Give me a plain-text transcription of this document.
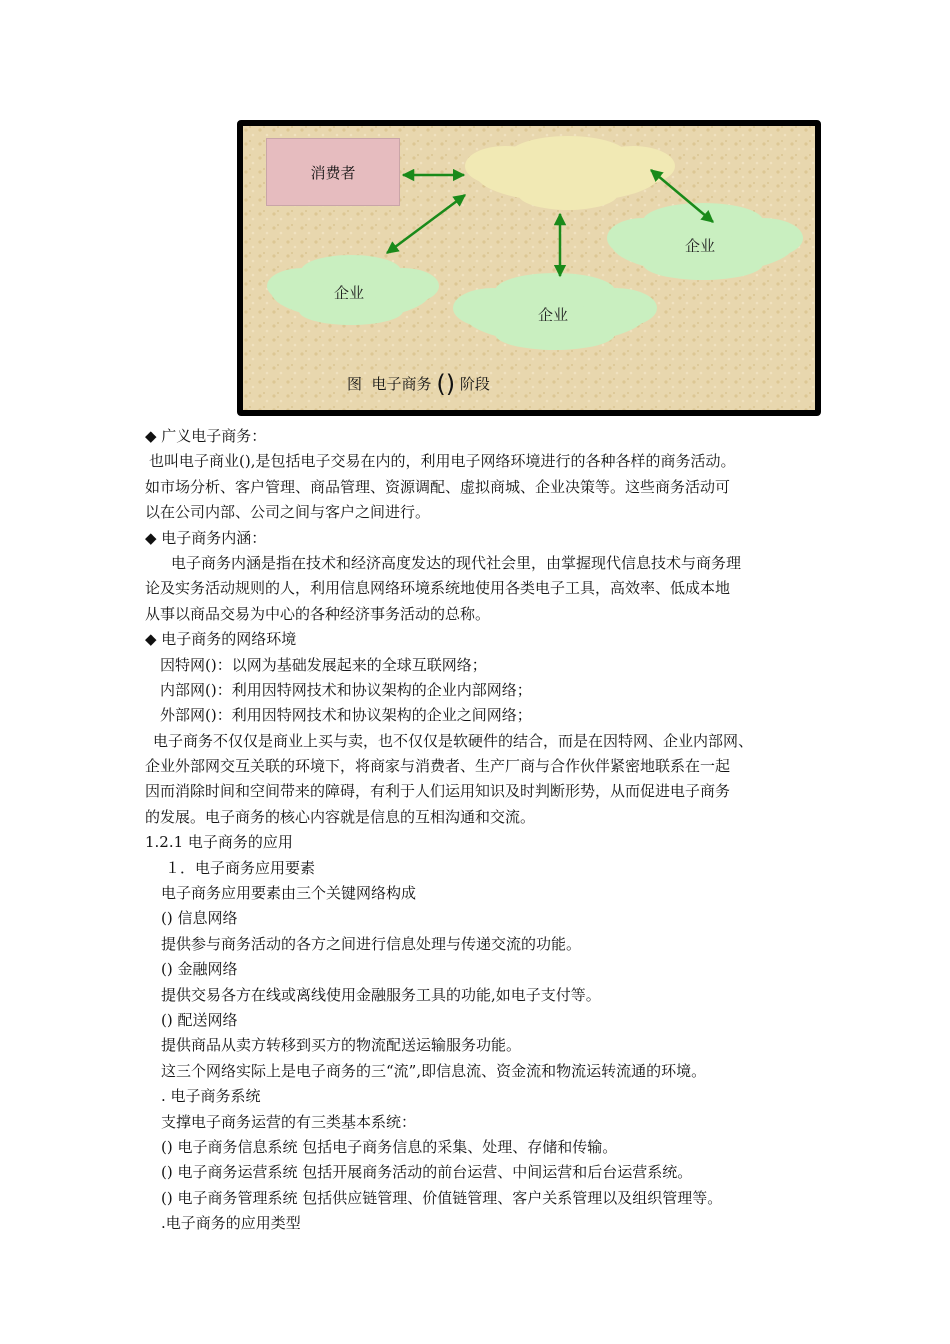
消费者
企业
企业
企业
图  电子商务 () 阶段
◆ 广义电子商务：
也叫电子商业(),是包括电子交易在内的，利用电子网络环境进行的各种各样的商务活动。
如市场分析、客户管理、商品管理、资源调配、虚拟商城、企业决策等。这些商务活动可
以在公司内部、公司之间与客户之间进行。
◆ 电子商务内涵：
电子商务内涵是指在技术和经济高度发达的现代社会里，由掌握现代信息技术与商务理
论及实务活动规则的人，利用信息网络环境系统地使用各类电子工具，高效率、低成本地
从事以商品交易为中心的各种经济事务活动的总称。
◆ 电子商务的网络环境
因特网()：以网为基础发展起来的全球互联网络；
内部网()：利用因特网技术和协议架构的企业内部网络；
外部网()：利用因特网技术和协议架构的企业之间网络；
电子商务不仅仅是商业上买与卖，也不仅仅是软硬件的结合，而是在因特网、企业内部网、
企业外部网交互关联的环境下，将商家与消费者、生产厂商与合作伙伴紧密地联系在一起
因而消除时间和空间带来的障碍，有利于人们运用知识及时判断形势，从而促进电子商务
的发展。电子商务的核心内容就是信息的互相沟通和交流。
1.2.1 电子商务的应用
１．电子商务应用要素
电子商务应用要素由三个关键网络构成
() 信息网络
提供参与商务活动的各方之间进行信息处理与传递交流的功能。
() 金融网络
提供交易各方在线或离线使用金融服务工具的功能,如电子支付等。
() 配送网络
提供商品从卖方转移到买方的物流配送运输服务功能。
这三个网络实际上是电子商务的三“流”,即信息流、资金流和物流运转流通的环境。
. 电子商务系统
支撑电子商务运营的有三类基本系统：
() 电子商务信息系统 包括电子商务信息的采集、处理、存储和传输。
() 电子商务运营系统 包括开展商务活动的前台运营、中间运营和后台运营系统。
() 电子商务管理系统 包括供应链管理、价值链管理、客户关系管理以及组织管理等。
.电子商务的应用类型
